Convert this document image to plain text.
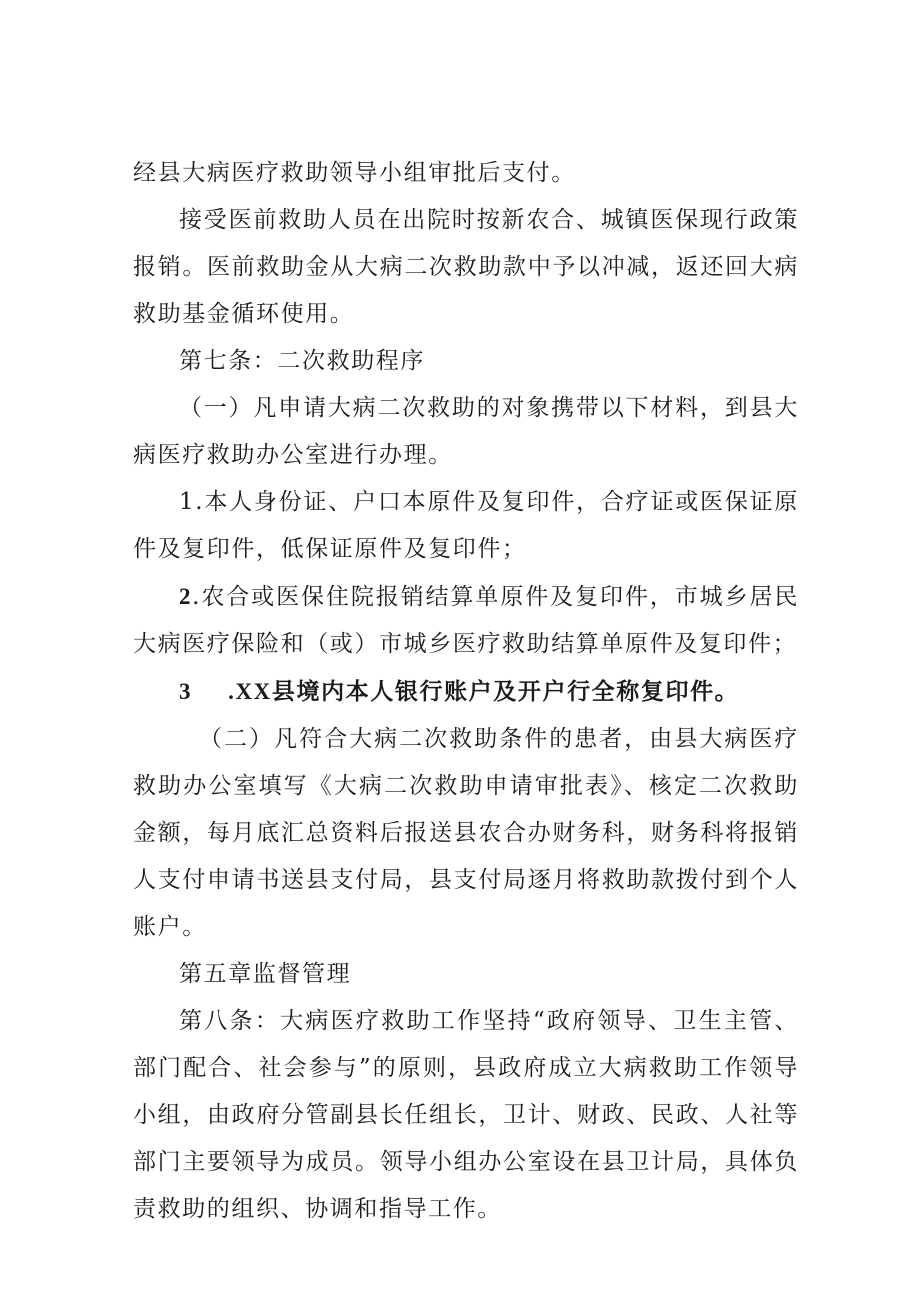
经县大病医疗救助领导小组审批后支付。

接受医前救助人员在出院时按新农合、城镇医保现行政策报销。医前救助金从大病二次救助款中予以冲减，返还回大病救助基金循环使用。

第七条：二次救助程序

（一）凡申请大病二次救助的对象携带以下材料，到县大病医疗救助办公室进行办理。

1.本人身份证、户口本原件及复印件，合疗证或医保证原件及复印件，低保证原件及复印件；

2.农合或医保住院报销结算单原件及复印件，市城乡居民大病医疗保险和（或）市城乡医疗救助结算单原件及复印件；

3 .XX县境内本人银行账户及开户行全称复印件。

（二）凡符合大病二次救助条件的患者，由县大病医疗救助办公室填写《大病二次救助申请审批表》、核定二次救助金额，每月底汇总资料后报送县农合办财务科，财务科将报销人支付申请书送县支付局，县支付局逐月将救助款拨付到个人账户。

第五章监督管理

第八条：大病医疗救助工作坚持“政府领导、卫生主管、部门配合、社会参与”的原则，县政府成立大病救助工作领导小组，由政府分管副县长任组长，卫计、财政、民政、人社等部门主要领导为成员。领导小组办公室设在县卫计局，具体负责救助的组织、协调和指导工作。
